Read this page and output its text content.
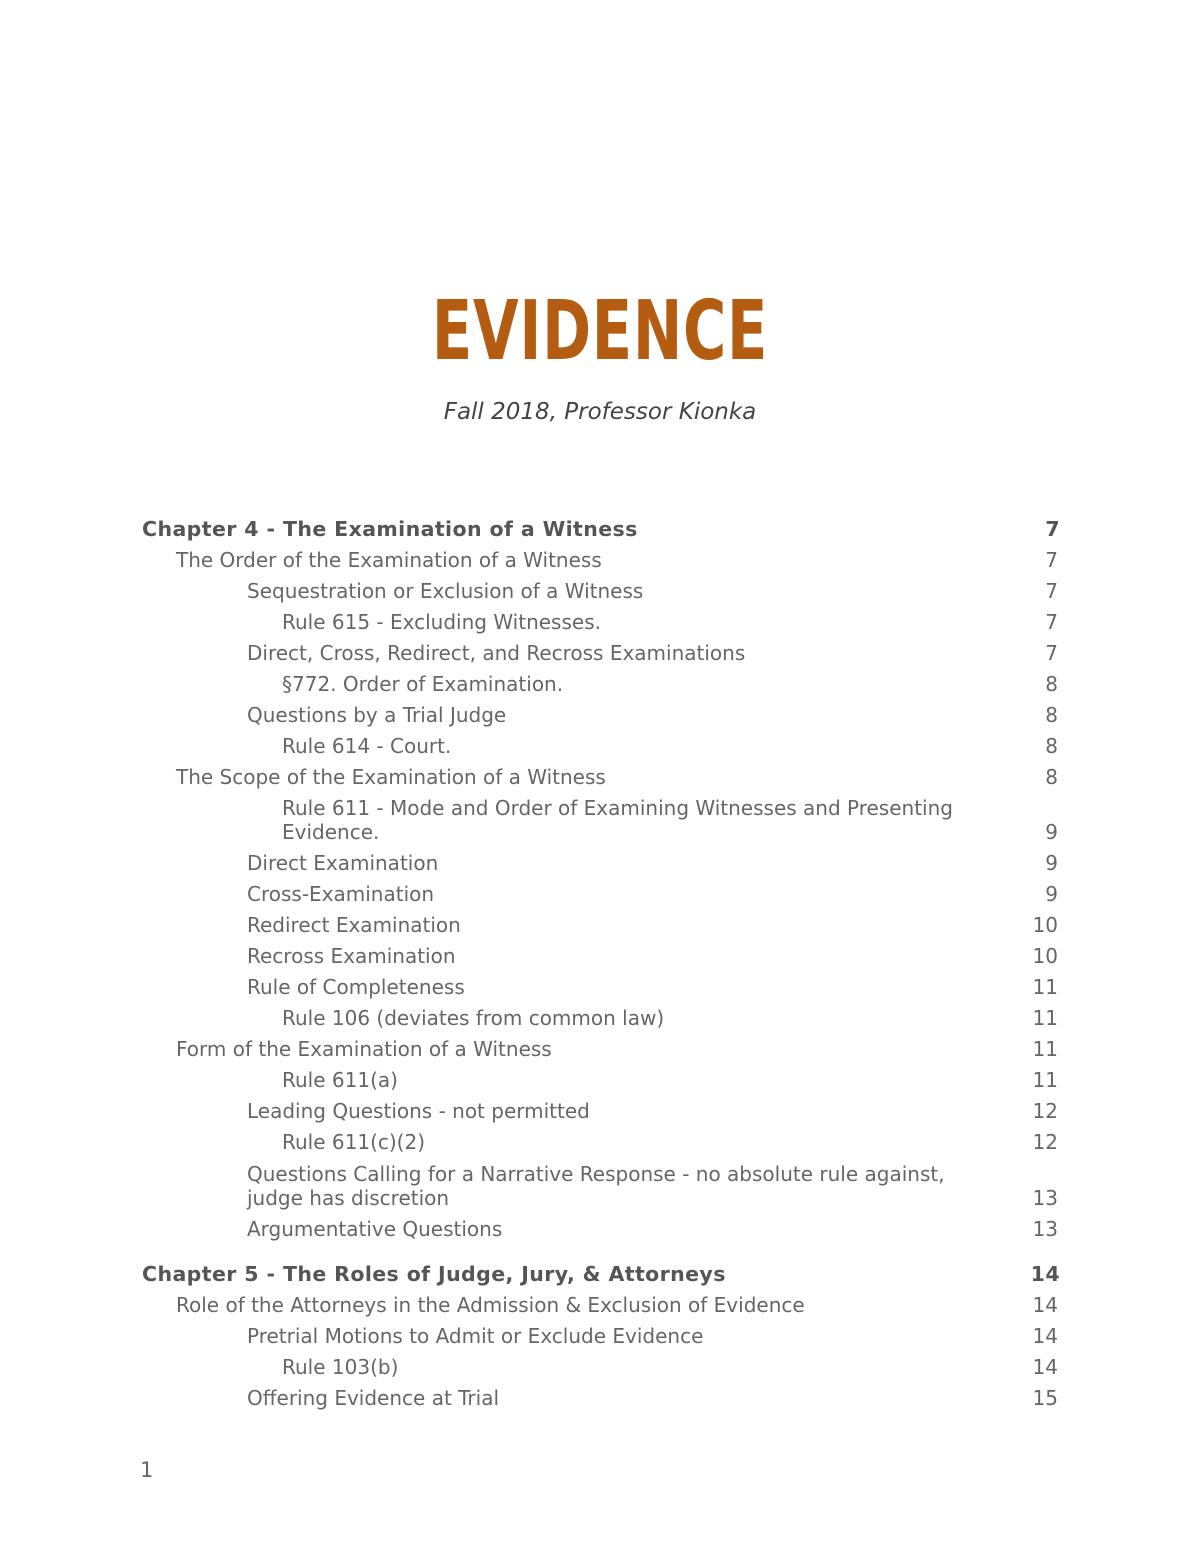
EVIDENCE
Fall 2018, Professor Kionka
Chapter 4 - The Examination of a Witness	7
The Order of the Examination of a Witness	7
Sequestration or Exclusion of a Witness	7
Rule 615 - Excluding Witnesses.	7
Direct, Cross, Redirect, and Recross Examinations	7
§772. Order of Examination.	8
Questions by a Trial Judge	8
Rule 614 - Court.	8
The Scope of the Examination of a Witness	8
Rule 611 - Mode and Order of Examining Witnesses and Presenting Evidence.	9
Direct Examination	9
Cross-Examination	9
Redirect Examination	10
Recross Examination	10
Rule of Completeness	11
Rule 106 (deviates from common law)	11
Form of the Examination of a Witness	11
Rule 611(a)	11
Leading Questions - not permitted	12
Rule 611(c)(2)	12
Questions Calling for a Narrative Response - no absolute rule against, judge has discretion	13
Argumentative Questions	13
Chapter 5 - The Roles of Judge, Jury, & Attorneys	14
Role of the Attorneys in the Admission & Exclusion of Evidence	14
Pretrial Motions to Admit or Exclude Evidence	14
Rule 103(b)	14
Offering Evidence at Trial	15
1
